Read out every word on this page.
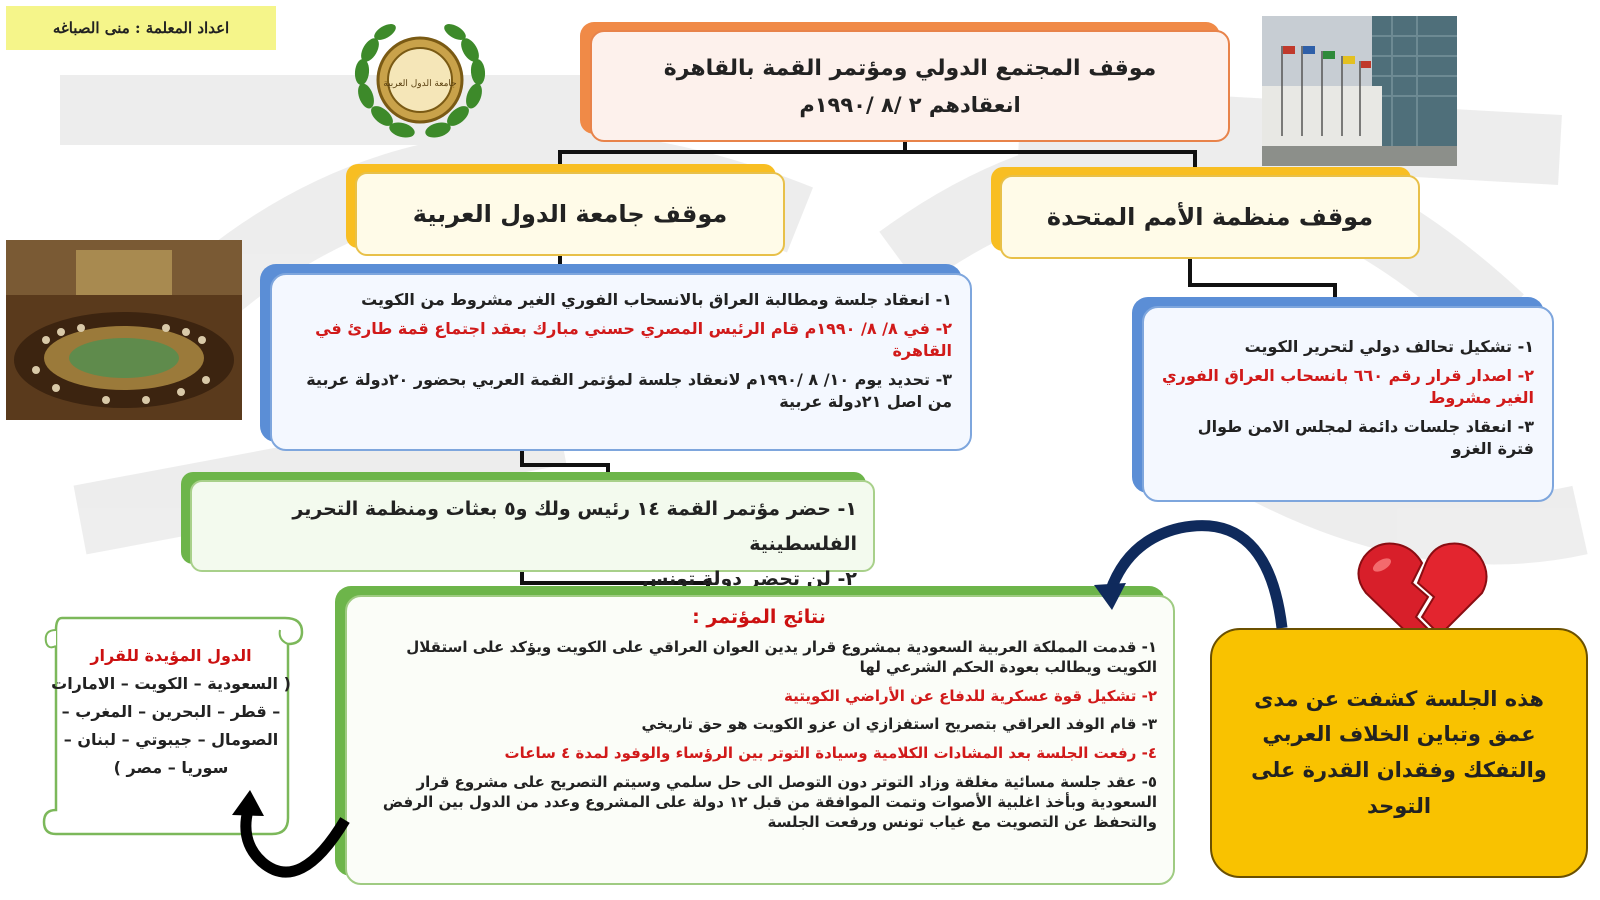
اعداد المعلمة : منى الصباغه
جامعة الدول العربية
موقف المجتمع الدولي ومؤتمر القمة بالقاهرة
انعقادهم ٢ /٨ /١٩٩٠م
موقف جامعة الدول العربية	موقف منظمة الأمم المتحدة

١- انعقاد جلسة ومطالبة العراق بالانسحاب الفوري الغير مشروط من الكويت

٢- في ٨/ ٨/ ١٩٩٠م قام الرئيس المصري حسني مبارك بعقد اجتماع قمة طارئ في القاهرة

٣- تحديد يوم ١٠/ ٨ /١٩٩٠م لانعقاد جلسة لمؤتمر القمة العربي بحضور ٢٠دولة عربية من اصل ٢١دولة عربية

١- تشكيل تحالف دولي لتحرير الكويت

٢- اصدار قرار رقم ٦٦٠ بانسحاب العراق الفوري الغير مشروط

٣- انعقاد جلسات دائمة لمجلس الامن طوال فترة الغزو

١- حضر مؤتمر القمة ١٤ رئيس ولك و٥ بعثات ومنظمة التحرير الفلسطينية
٢- لن تحضر دولة تونس
نتائج المؤتمر :

١- قدمت المملكة العربية السعودية بمشروع قرار يدين العوان العراقي على الكويت ويؤكد على استقلال الكويت ويطالب بعودة الحكم الشرعي لها

٢- تشكيل قوة عسكرية للدفاع عن الأراضي الكويتية

٣- قام الوفد العراقي بتصريح استفزازي ان عزو الكويت هو حق تاريخي

٤- رفعت الجلسة بعد المشادات الكلامية وسيادة التوتر بين الرؤساء والوفود لمدة ٤ ساعات

٥- عقد جلسة مسائية مغلقة وزاد التوتر دون التوصل الى حل سلمي وسيتم التصريح على مشروع قرار السعودية وبأخذ اغلبية الأصوات وتمت الموافقة من قبل ١٢ دولة على المشروع وعدد من الدول بين الرفض والتحفظ عن التصويت مع غياب تونس ورفعت الجلسة

الدول المؤيدة للقرار
( السعودية – الكويت – الامارات – قطر – البحرين – المغرب – الصومال – جيبوتي – لبنان – سوريا – مصر )
هذه الجلسة كشفت عن مدى عمق وتباين الخلاف العربي والتفكك وفقدان القدرة على التوحد
